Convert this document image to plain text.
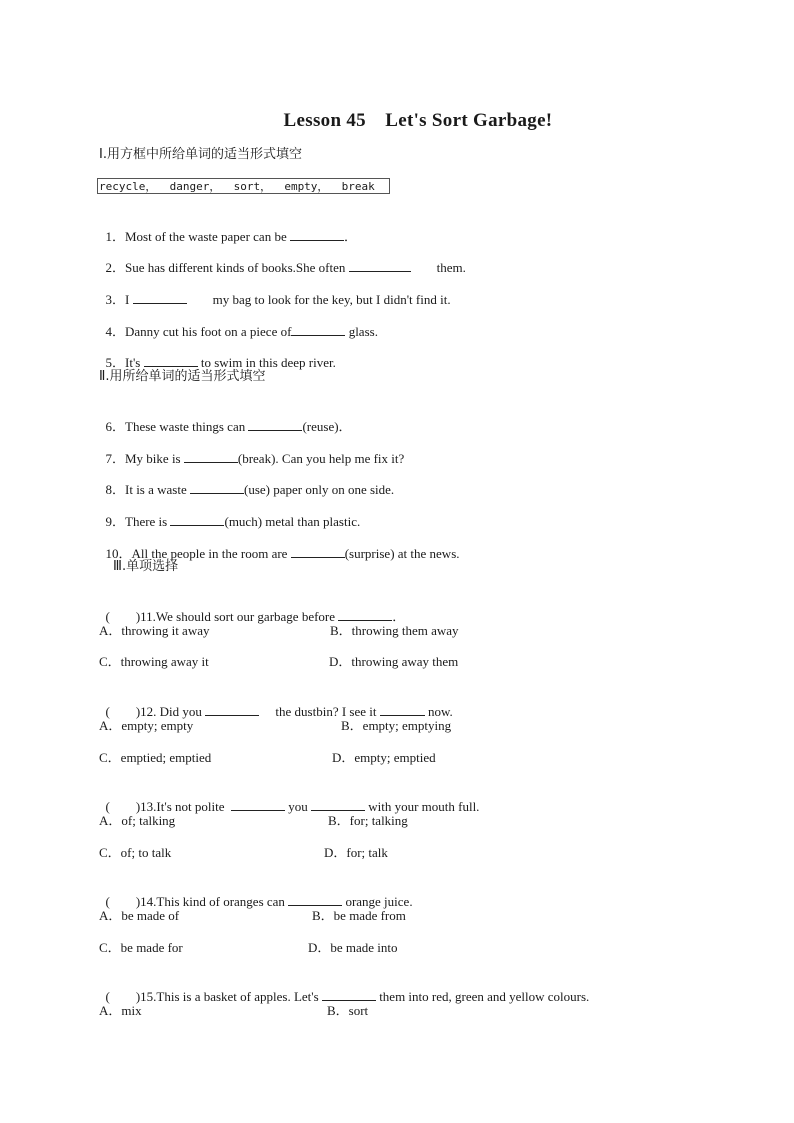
Lesson 45　Let's Sort Garbage!
Ⅰ.用方框中所给单词的适当形式填空
recycle，  danger，  sort，  empty，  break

1．Most of the waste paper can be	．

2．Sue has different kinds of books.She often	　　them.

3．I	　　my bag to look for the key, but I didn't find it.

4．Danny cut his foot on a piece of	glass.

5．It's	to swim in this deep river.

Ⅱ.用所给单词的适当形式填空

6．These waste things can	(reuse)．

7．My bike is	(break). Can you help me fix it?

8．It is a waste	(use) paper only on one side.

9．There is	(much) metal than plastic.

10．All the people in the room are	(surprise) at the news.

Ⅲ.单项选择

(　　)11.We should sort our garbage before	．

A．throwing it away	B．throwing them away
C．throwing away it	D．throwing away them

(　　)12. Did you	　 the dustbin? I see it	now.

A．empty; empty	B．empty; emptying
C．emptied; emptied	D．empty; emptied

(　　)13.It's not polite	you	with your mouth full.

A．of; talking	B．for; talking
C．of; to talk	D．for; talk

(　　)14.This kind of oranges can	orange juice.

A．be made of	B．be made from
C．be made for	D．be made into

(　　)15.This is a basket of apples. Let's	them into red, green and yellow colours.

A．mix	B．sort
